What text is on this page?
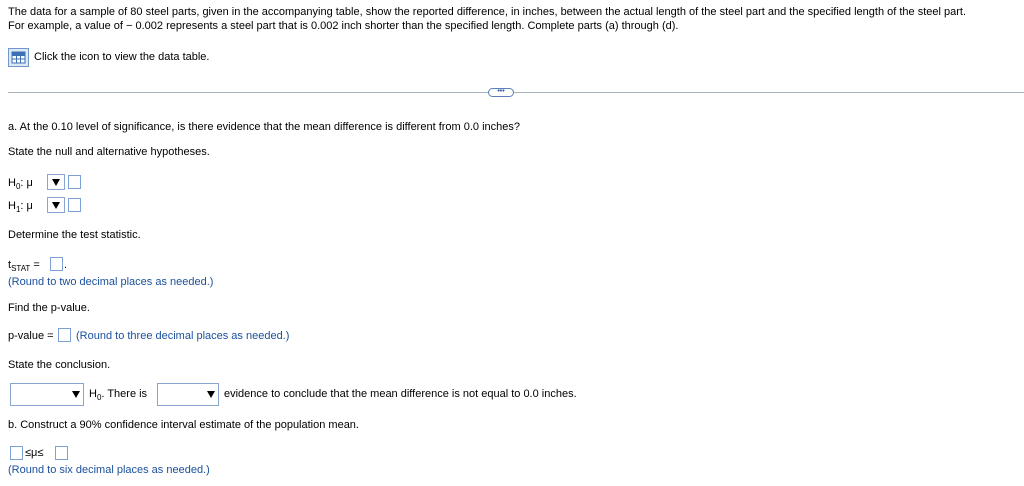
The data for a sample of 80 steel parts, given in the accompanying table, show the reported difference, in inches, between the actual length of the steel part and the specified length of the steel part.
For example, a value of − 0.002 represents a steel part that is 0.002 inch shorter than the specified length. Complete parts (a) through (d).
Click the icon to view the data table.
•••
a. At the 0.10 level of significance, is there evidence that the mean difference is different from 0.0 inches?
State the null and alternative hypotheses.
$H_0$: μ
$H_1$: μ
Determine the test statistic.
$t_{STAT}$ = .
(Round to two decimal places as needed.)
Find the p-value.
p-value = (Round to three decimal places as needed.)
State the conclusion.
$H_0$. There is	evidence to conclude that the mean difference is not equal to 0.0 inches.
b. Construct a 90% confidence interval estimate of the population mean.
≤μ≤
(Round to six decimal places as needed.)
